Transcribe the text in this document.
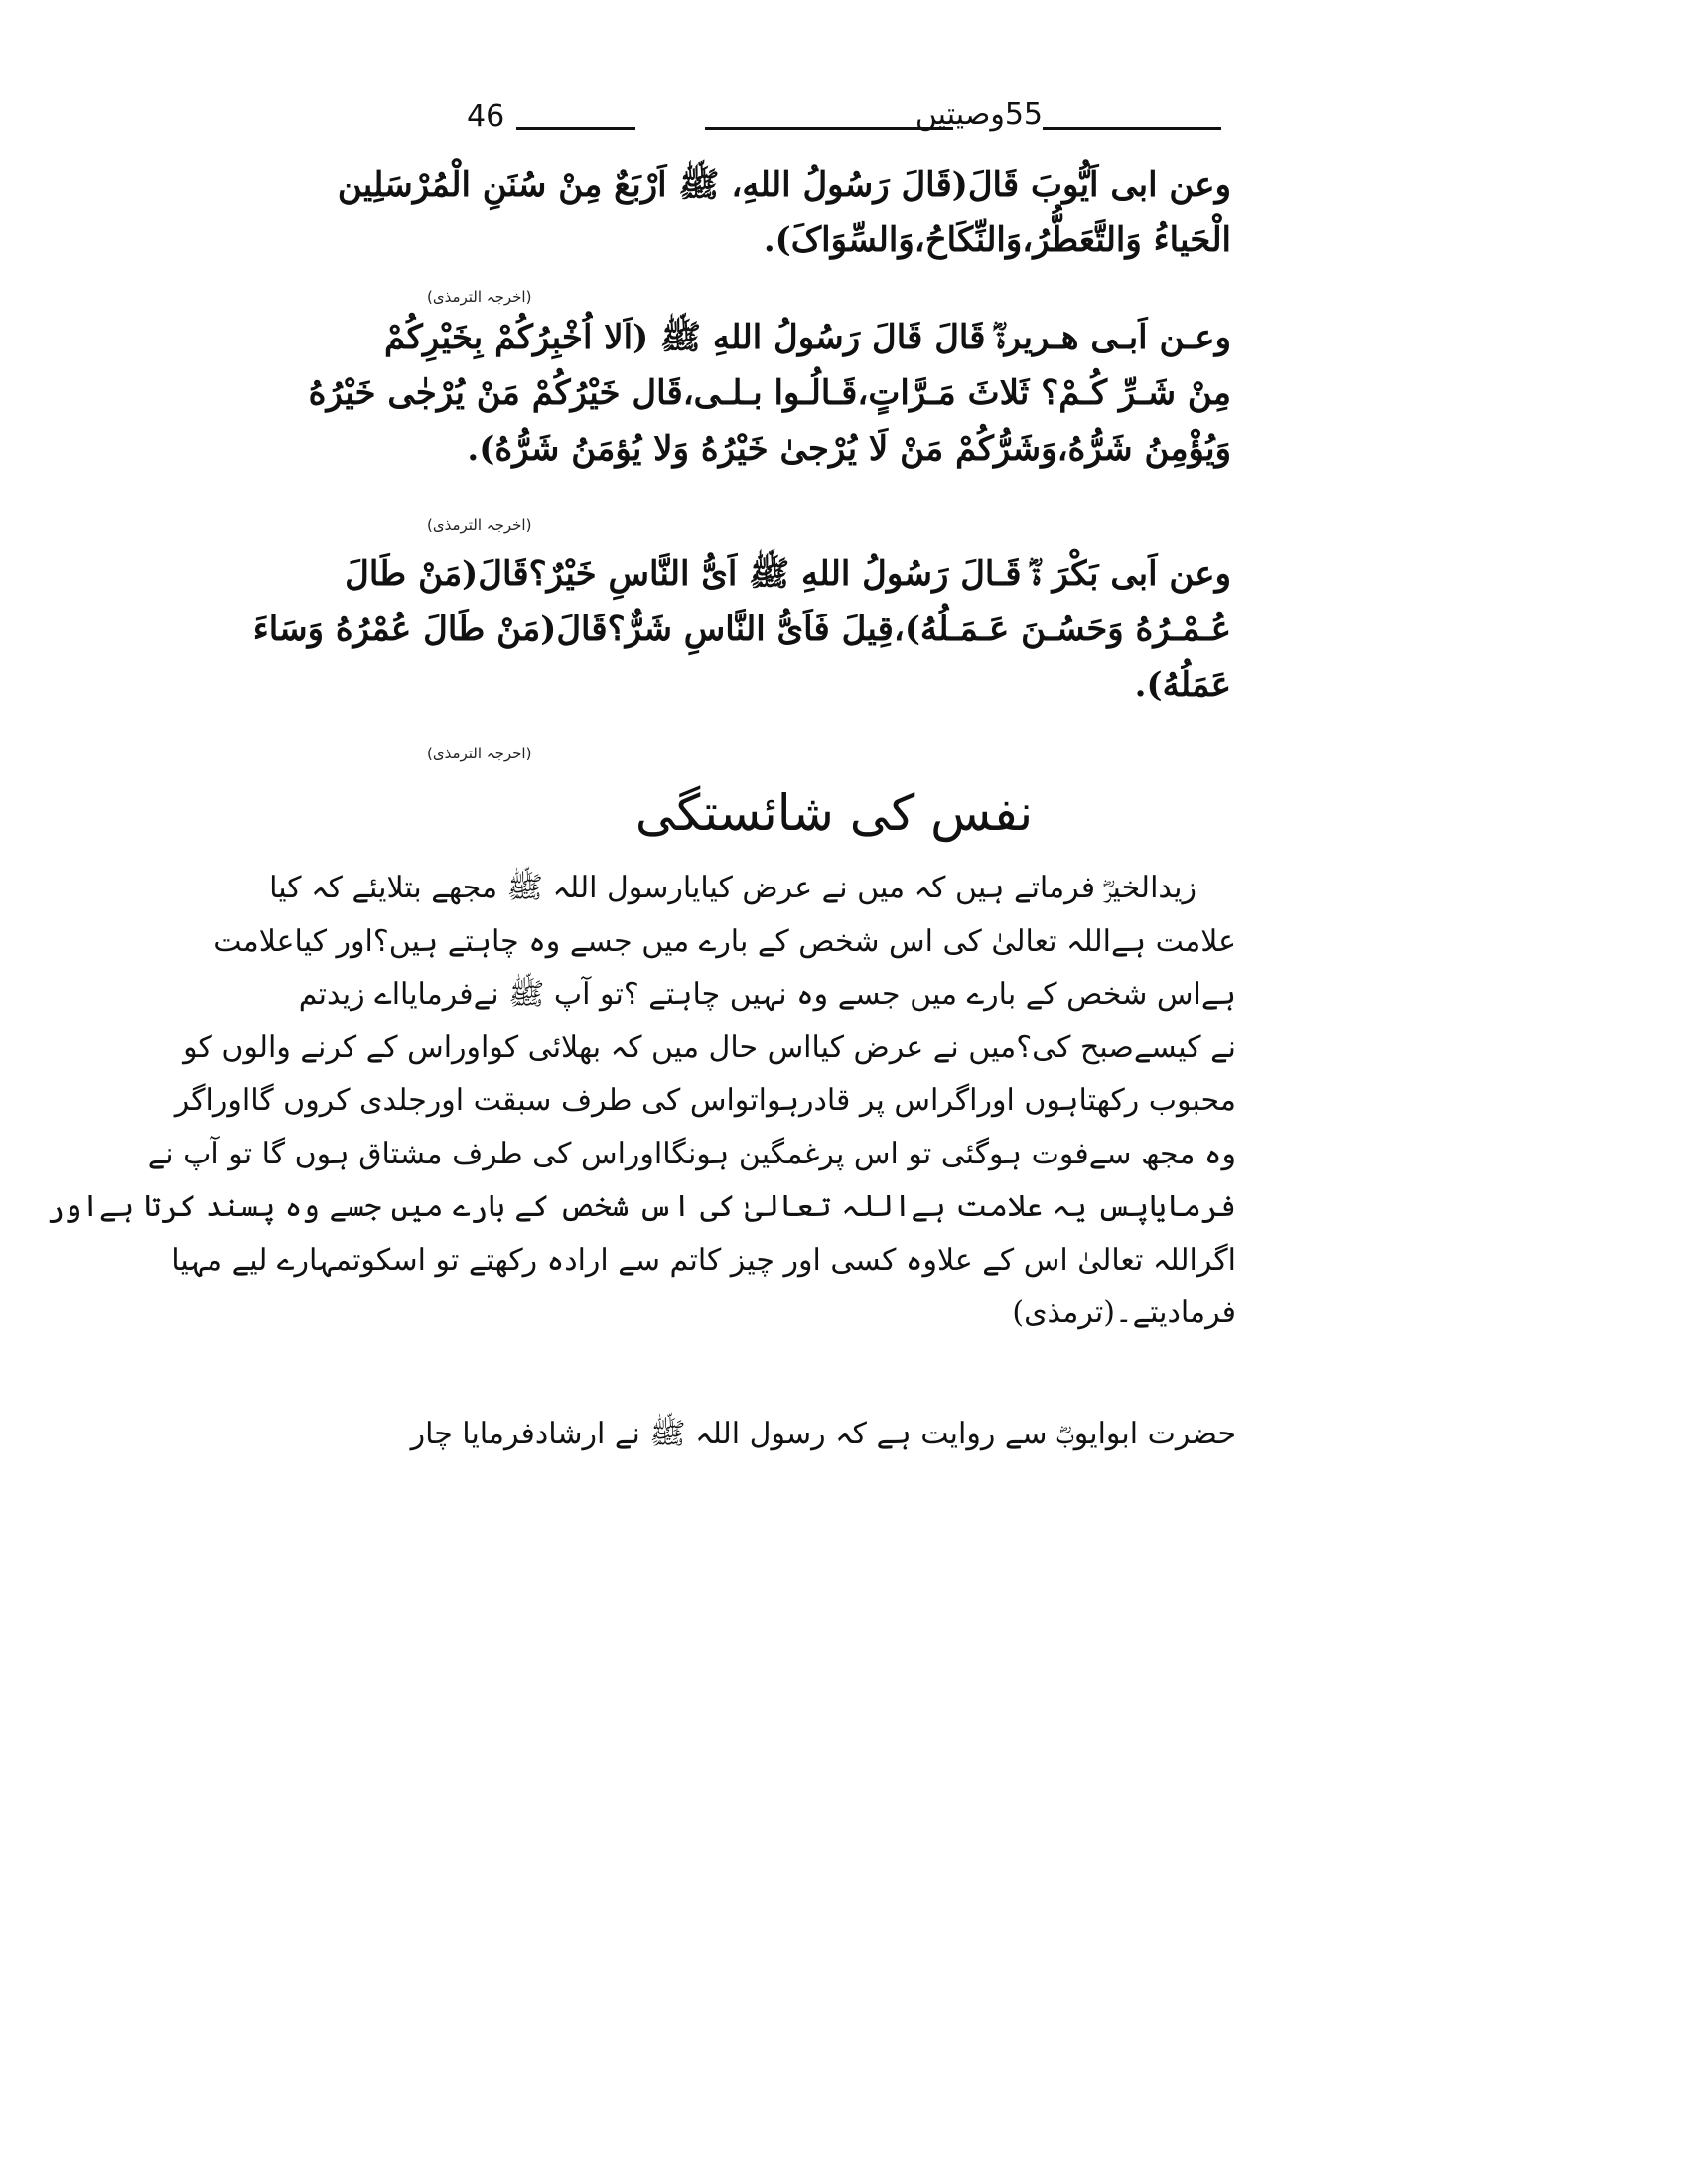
55وصیتیں
46
وعن ابی اَیُّوبَ قَالَ(قَالَ رَسُولُ اللهِ، ﷺ اَرْبَعٌ مِنْ سُنَنِ الْمُرْسَلِین
الْحَیاءُ وَالتَّعَطُّرُ،وَالنِّکَاحُ،وَالسِّوَاکَ).
(اخرجہ الترمذی)
وعـن اَبـی هـریرةؓ قَالَ قَالَ رَسُولُ اللهِ ﷺ (اَلا اُخْبِرُکُمْ بِخَیْرِکُمْ
مِنْ شَـرِّ کُـمْ؟ ثَلاثَ مَـرَّاتٍ،قَـالُـوا بـلـی،قَال خَیْرُکُمْ مَنْ یُرْجٰی خَیْرُهُ
وَیُؤْمِنُ شَرُّهُ،وَشَرُّکُمْ مَنْ لَا یُرْجیٰ خَیْرُهُ وَلا یُؤمَنُ شَرُّهُ).
(اخرجہ الترمذی)
وعن اَبی بَکْرَ ۃؓ قَـالَ رَسُولُ اللهِ ﷺ اَیُّ النَّاسِ خَیْرٌ؟قَالَ(مَنْ طَالَ
عُـمْـرُهُ وَحَسُـنَ عَـمَـلُهُ)،قِیلَ فَاَیُّ النَّاسِ شَرٌّ؟قَالَ(مَنْ طَالَ عُمْرُهُ وَسَاءَ
عَمَلُهُ).
(اخرجہ الترمذی)
نفس کی شائستگی
زیدالخیرؓ فرماتے ہیں کہ میں نے عرض کیایارسول اللہ ﷺ مجھے بتلایئے کہ کیا
علامت ہےاللہ تعالیٰ کی اس شخص کے بارے میں جسے وہ چاہتے ہیں؟اور کیاعلامت
ہےاس شخص کے بارے میں جسے وہ نہیں چاہتے ؟تو آپ ﷺ نےفرمایااے زیدتم
نے کیسےصبح کی؟میں نے عرض کیااس حال میں کہ بھلائی کواوراس کے کرنے والوں کو
محبوب رکھتاہوں اوراگراس پر قادرہواتواس کی طرف سبقت اورجلدی کروں گااوراگر
وہ مجھ سےفوت ہوگئی تو اس پرغمگین ہونگااوراس کی طرف مشتاق ہوں گا تو آپ نے
فرمایاپس یہ علامت ہےاللہ تعالیٰ کی اس شخص کے بارے میں جسے وہ پسند کرتا ہےاور
اگراللہ تعالیٰ اس کے علاوہ کسی اور چیز کاتم سے ارادہ رکھتے تو اسکوتمہارے لیے مہیا
فرمادیتے۔(ترمذی)
حضرت ابوایوبؓ سے روایت ہے کہ رسول اللہ ﷺ نے ارشادفرمایا چار
